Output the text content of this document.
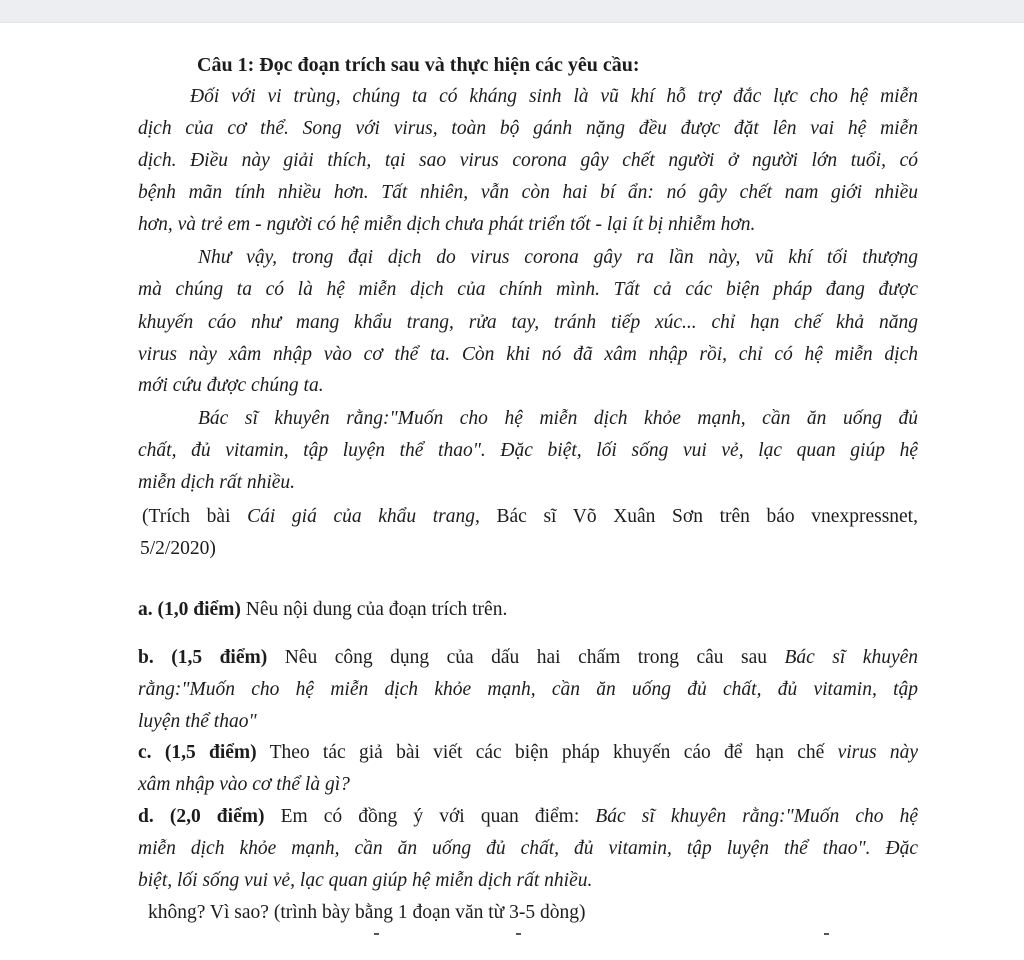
Câu 1: Đọc đoạn trích sau và thực hiện các yêu cầu:
Đối với vi trùng, chúng ta có kháng sinh là vũ khí hỗ trợ đắc lực cho hệ miễn
dịch của cơ thể. Song với virus, toàn bộ gánh nặng đều được đặt lên vai hệ miễn
dịch. Điều này giải thích, tại sao virus corona gây chết người ở người lớn tuổi, có
bệnh mãn tính nhiều hơn. Tất nhiên, vẫn còn hai bí ẩn: nó gây chết nam giới nhiều
hơn, và trẻ em - người có hệ miễn dịch chưa phát triển tốt - lại ít bị nhiễm hơn.
Như vậy, trong đại dịch do virus corona gây ra lần này, vũ khí tối thượng
mà chúng ta có là hệ miễn dịch của chính mình. Tất cả các biện pháp đang được
khuyến cáo như mang khẩu trang, rửa tay, tránh tiếp xúc... chỉ hạn chế khả năng
virus này xâm nhập vào cơ thể ta. Còn khi nó đã xâm nhập rồi, chỉ có hệ miễn dịch
mới cứu được chúng ta.
Bác sĩ khuyên rằng:"Muốn cho hệ miễn dịch khỏe mạnh, cần ăn uống đủ
chất, đủ vitamin, tập luyện thể thao". Đặc biệt, lối sống vui vẻ, lạc quan giúp hệ
miễn dịch rất nhiều.
(Trích bài Cái giá của khẩu trang, Bác sĩ Võ Xuân Sơn trên báo vnexpressnet,
5/2/2020)
a. (1,0 điểm) Nêu nội dung của đoạn trích trên.
b. (1,5 điểm) Nêu công dụng của dấu hai chấm trong câu sau Bác sĩ khuyên
rằng:"Muốn cho hệ miễn dịch khỏe mạnh, cần ăn uống đủ chất, đủ vitamin, tập
luyện thể thao"
c. (1,5 điểm) Theo tác giả bài viết các biện pháp khuyến cáo để hạn chế virus này
xâm nhập vào cơ thể là gì?
d. (2,0 điểm) Em có đồng ý với quan điểm: Bác sĩ khuyên rằng:"Muốn cho hệ
miễn dịch khỏe mạnh, cần ăn uống đủ chất, đủ vitamin, tập luyện thể thao". Đặc
biệt, lối sống vui vẻ, lạc quan giúp hệ miễn dịch rất nhiều.
không? Vì sao? (trình bày bằng 1 đoạn văn từ 3-5 dòng)
